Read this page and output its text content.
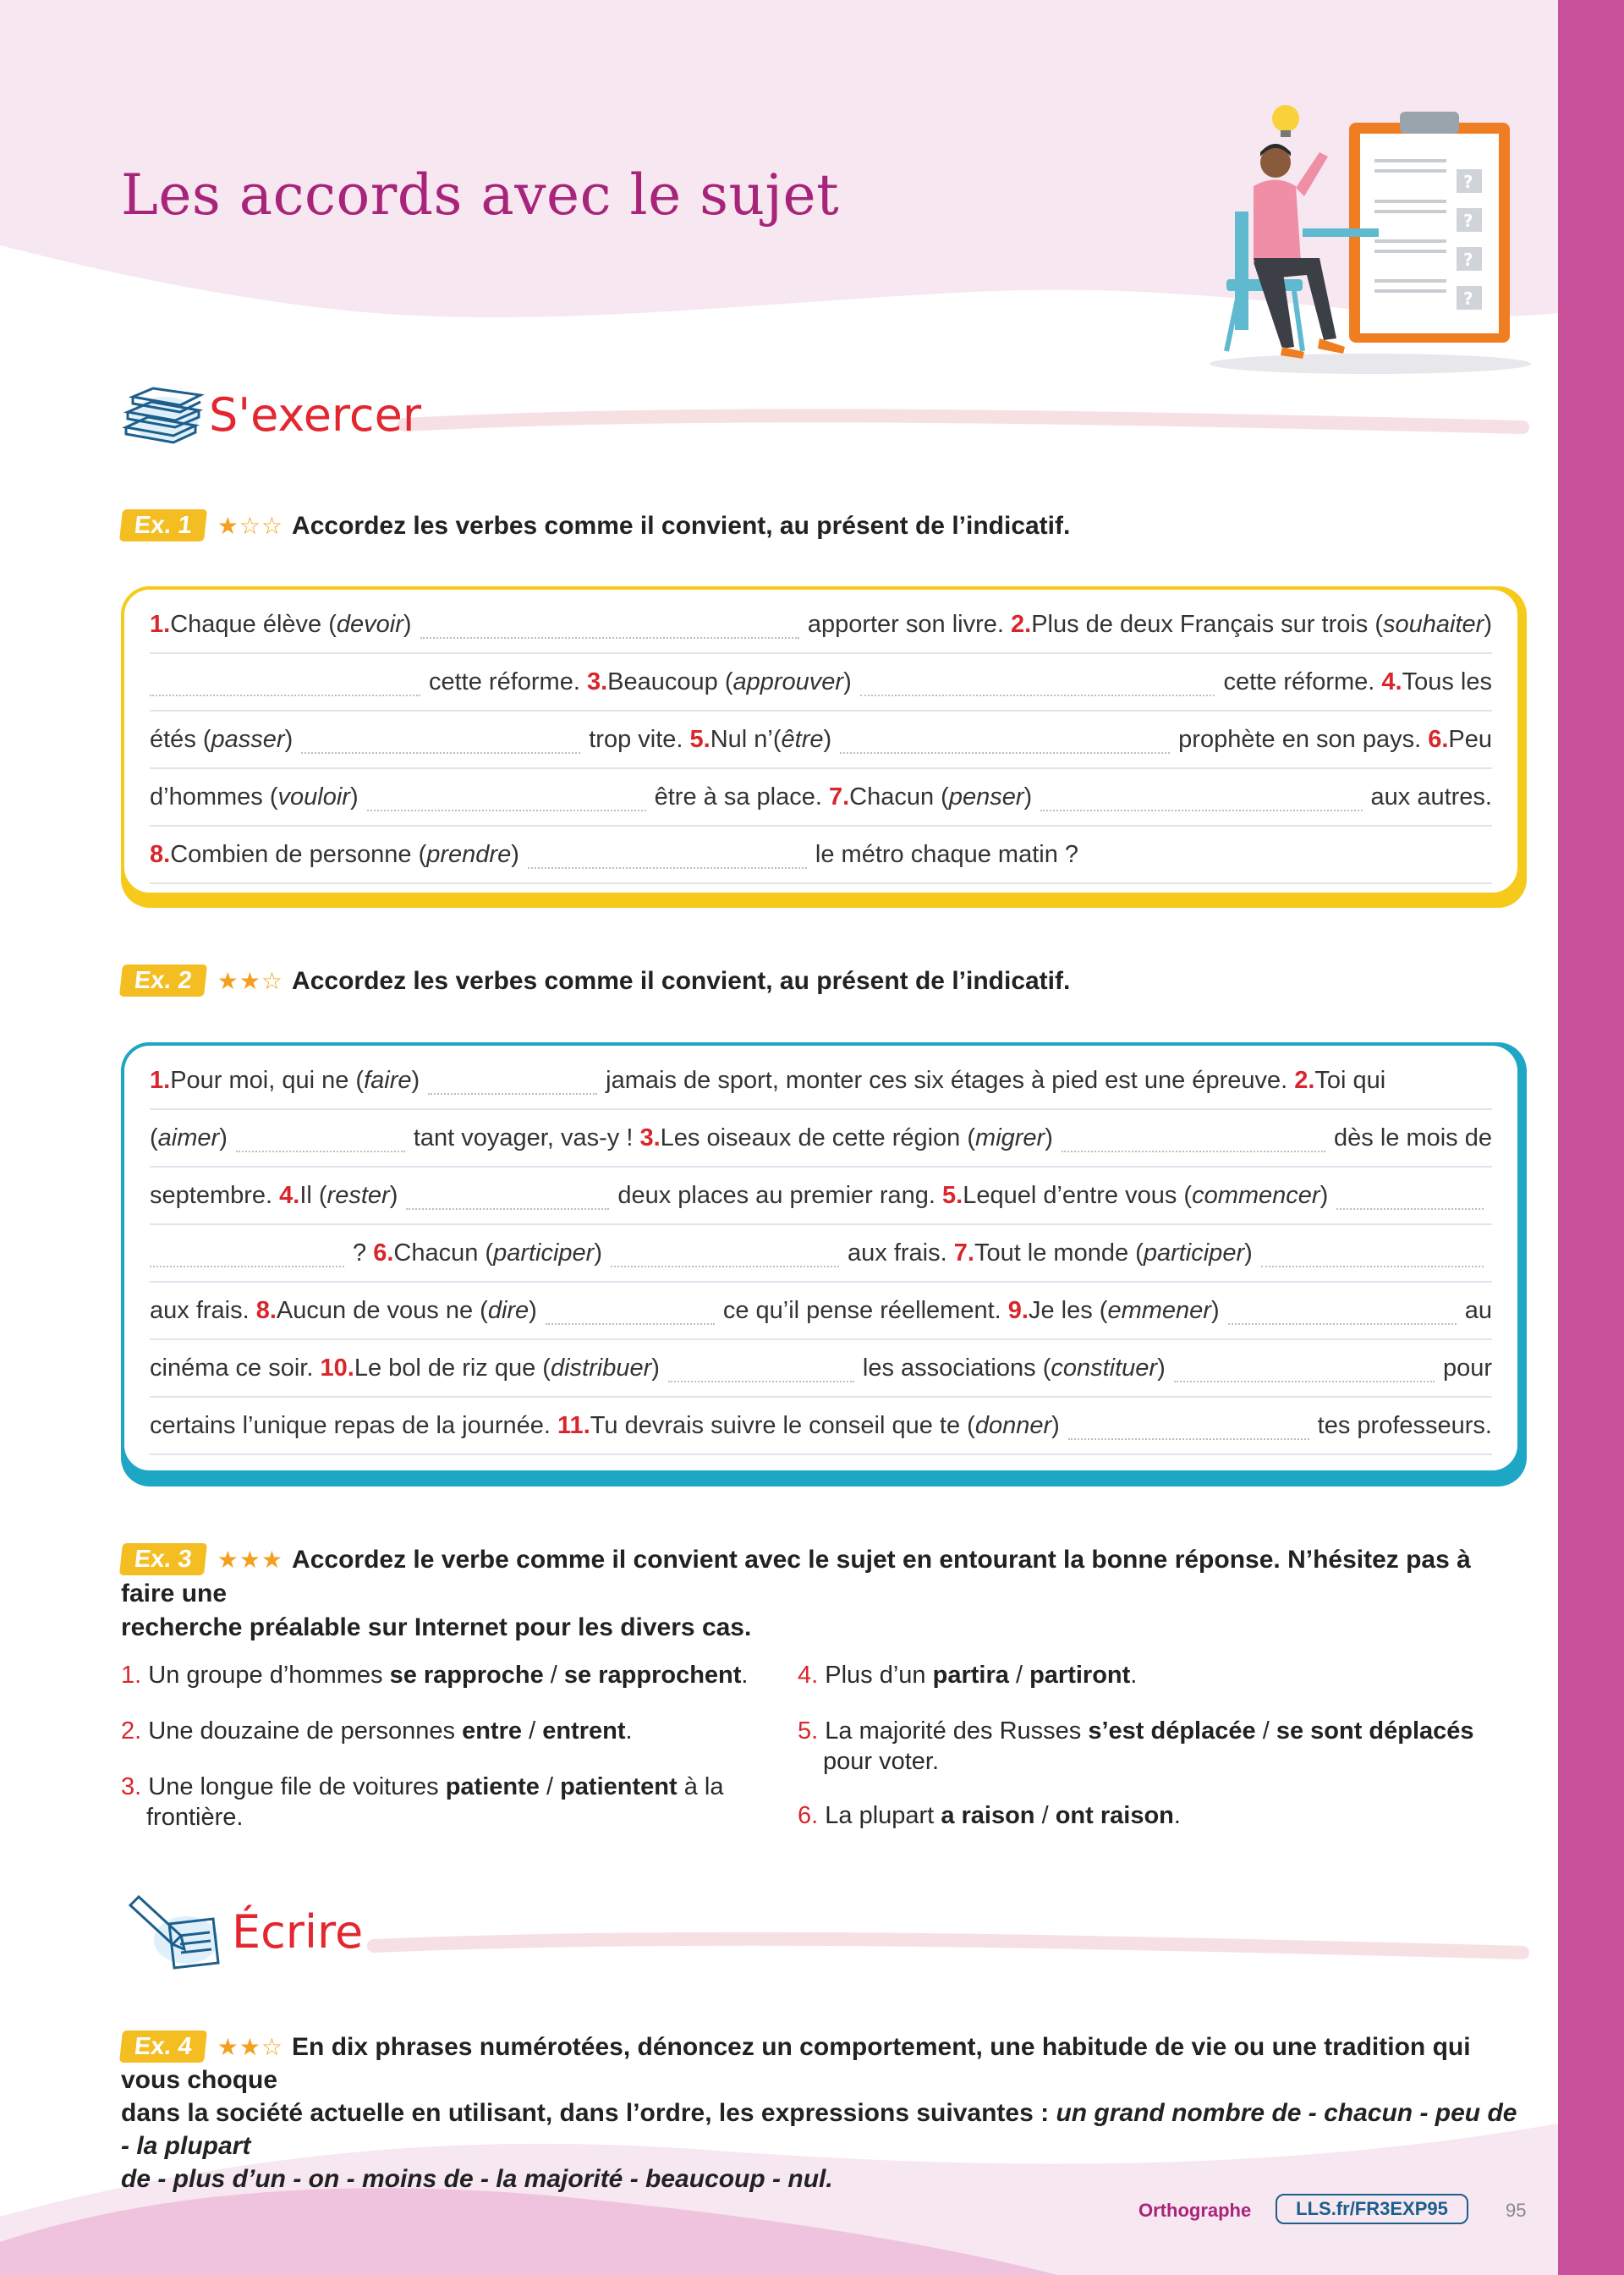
Les accords avec le sujet	?
?
?
?
S'exercer
Ex. 1 ★☆☆ Accordez les verbes comme il convient, au présent de l’indicatif.
1. Chaque élève ( devoir )	apporter son livre.
2. Plus de deux Français sur trois ( souhaiter )
cette réforme.
3. Beaucoup ( approuver )	cette réforme.
4. Tous les
étés ( passer )	trop vite.
5. Nul n’( être )	prophète en son pays.
6. Peu
d’hommes ( vouloir )	être à sa place.
7. Chacun ( penser )	aux autres.
8. Combien de personne ( prendre )	le métro chaque matin ?
Ex. 2 ★★☆ Accordez les verbes comme il convient, au présent de l’indicatif.
1. Pour moi, qui ne ( faire )	jamais de sport, monter ces six étages à pied est une épreuve.
2. Toi qui
( aimer )	tant voyager, vas-y !
3. Les oiseaux de cette région ( migrer )	dès le mois de
septembre.
4. Il ( rester )	deux places au premier rang.
5. Lequel d’entre vous ( commencer )
?
6. Chacun ( participer )	aux frais.
7. Tout le monde ( participer )
aux frais.
8. Aucun de vous ne ( dire )	ce qu’il pense réellement.
9. Je les ( emmener )	au
cinéma ce soir.
10. Le bol de riz que ( distribuer )	les associations ( constituer )	pour
certains l’unique repas de la journée.
11. Tu devrais suivre le conseil que te ( donner )	tes professeurs.
Ex. 3 ★★★ Accordez le verbe comme il convient avec le sujet en entourant la bonne réponse. N’hésitez pas à faire une
recherche préalable sur Internet pour les divers cas.
1. Un groupe d’hommes se rapproche / se rapprochent.
2. Une douzaine de personnes entre / entrent.
3. Une longue file de voitures patiente / patientent à la
frontière.
4. Plus d’un partira / partiront.
5. La majorité des Russes s’est déplacée / se sont déplacés
pour voter.
6. La plupart a raison / ont raison.
Écrire
Ex. 4 ★★☆ En dix phrases numérotées, dénoncez un comportement, une habitude de vie ou une tradition qui vous choque
dans la société actuelle en utilisant, dans l’ordre, les expressions suivantes : un grand nombre de - chacun - peu de - la plupart
de - plus d’un - on - moins de - la majorité - beaucoup - nul.
Orthographe	LLS.fr/FR3EXP95	95
